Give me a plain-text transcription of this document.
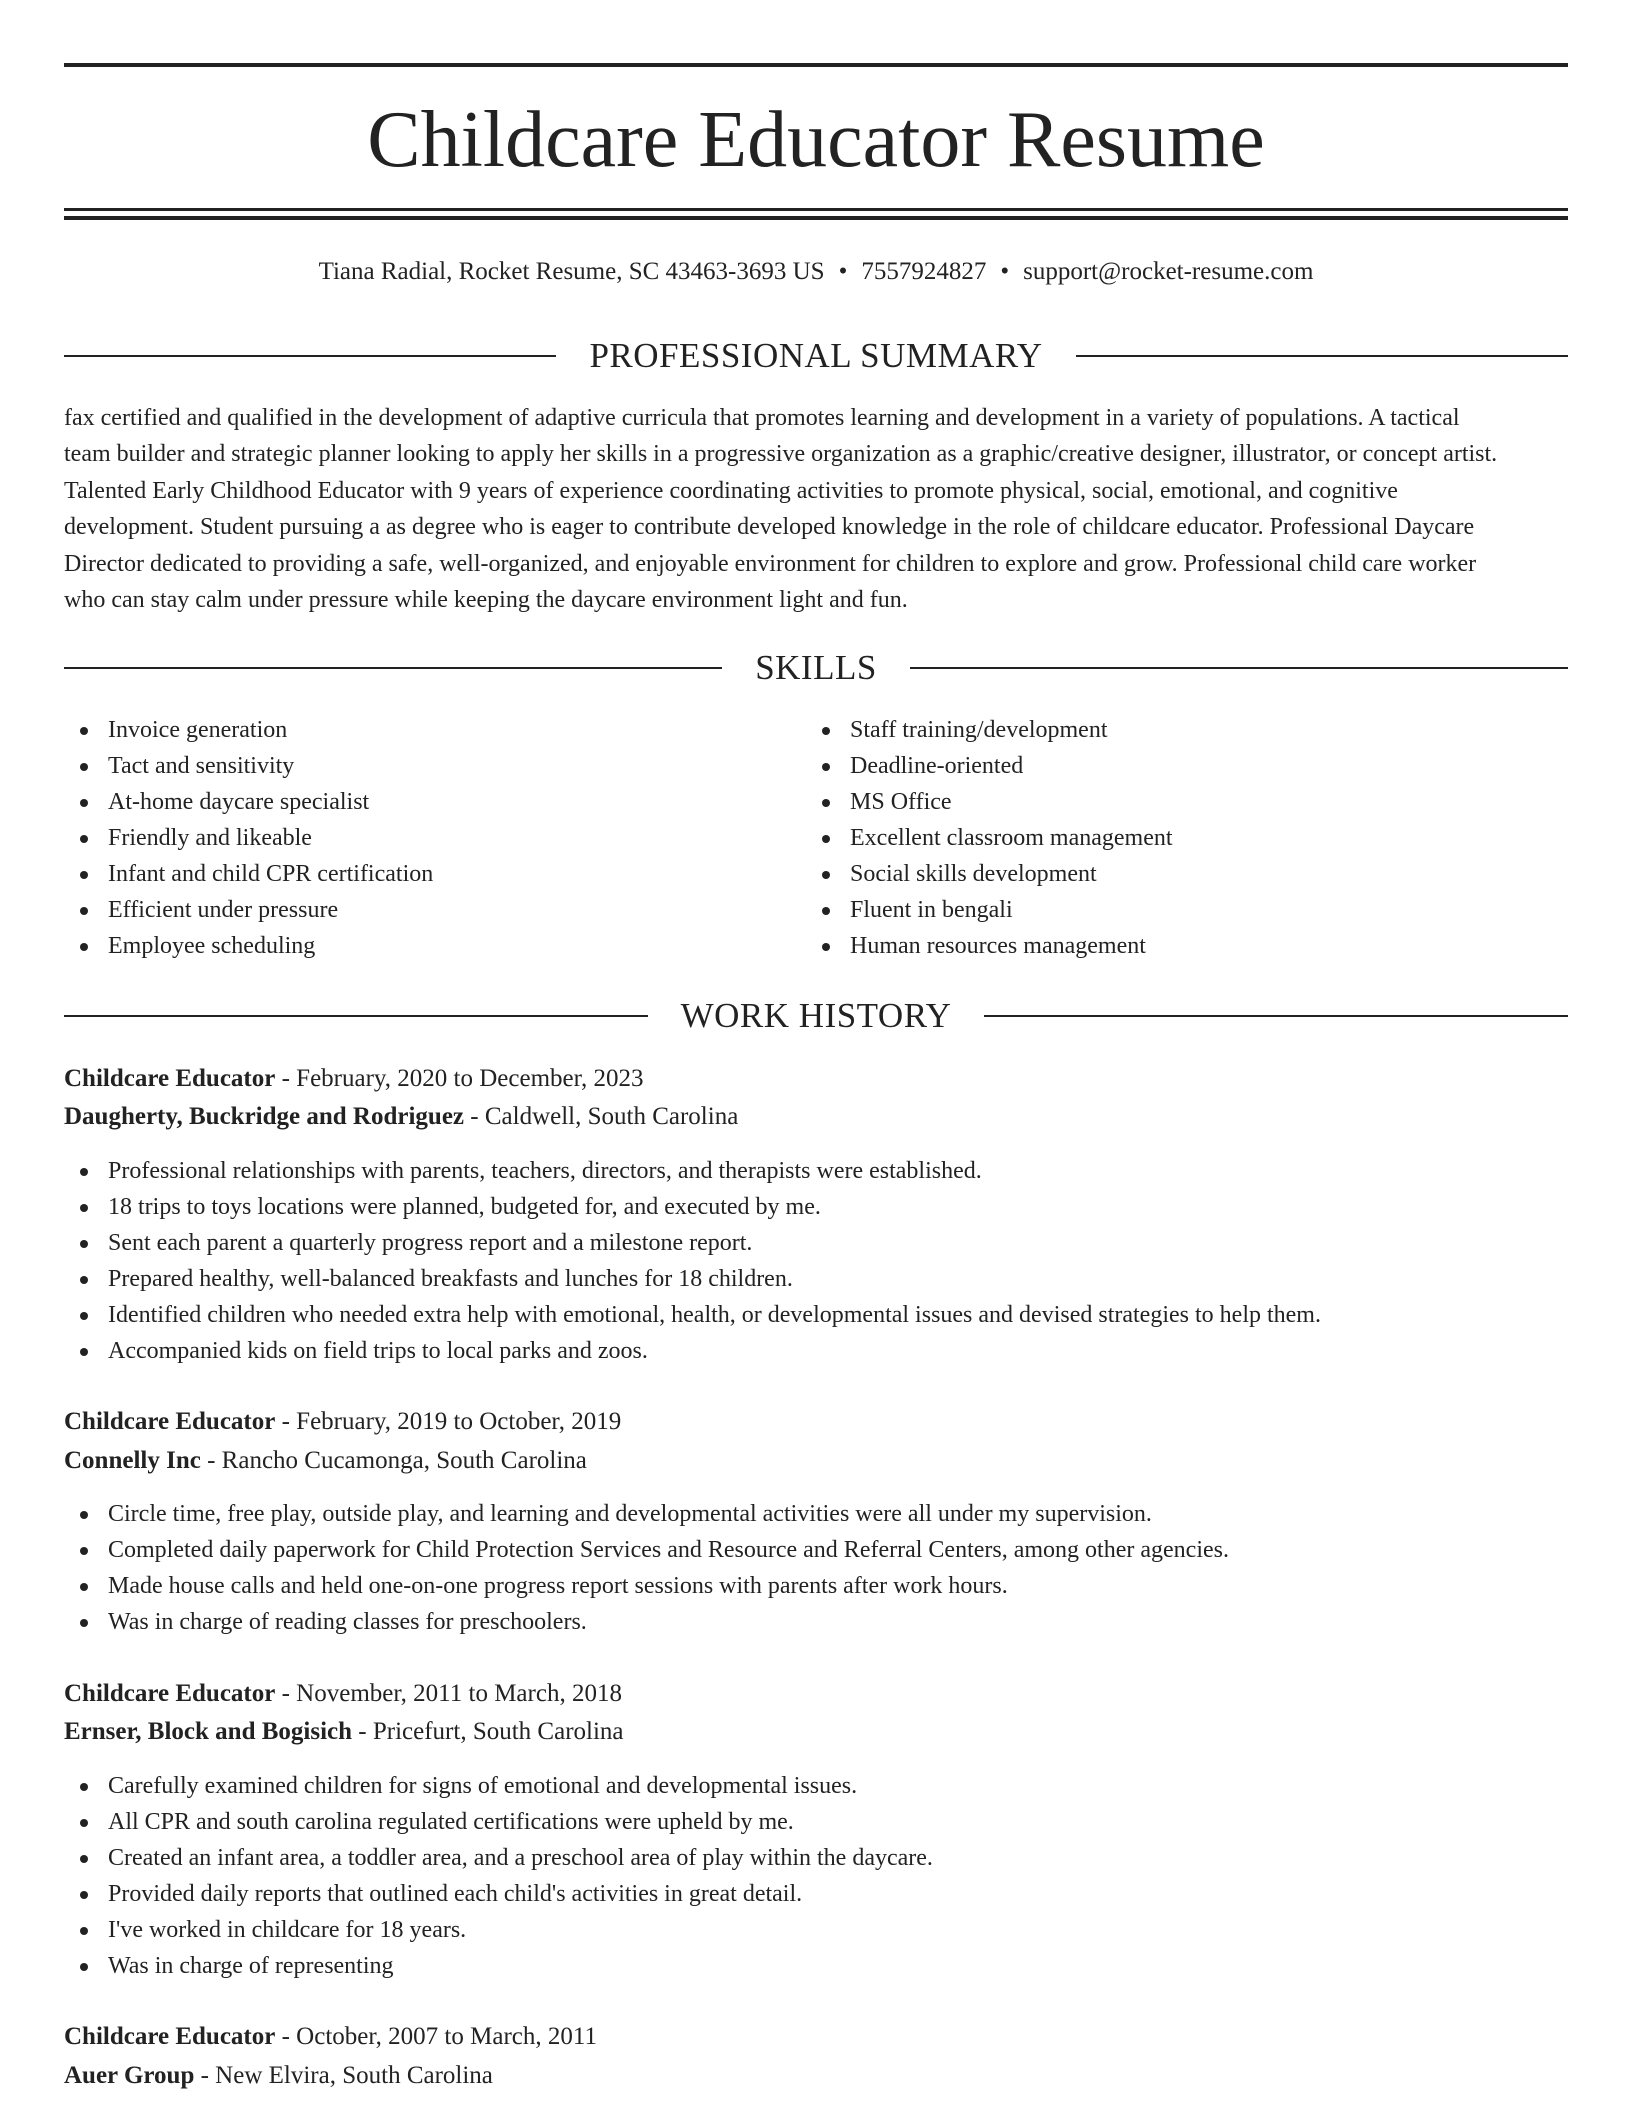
Childcare Educator Resume
Tiana Radial, Rocket Resume, SC 43463-3693 US • 7557924827 • support@rocket-resume.com
PROFESSIONAL SUMMARY
fax certified and qualified in the development of adaptive curricula that promotes learning and development in a variety of populations. A tactical
team builder and strategic planner looking to apply her skills in a progressive organization as a graphic/creative designer, illustrator, or concept artist.
Talented Early Childhood Educator with 9 years of experience coordinating activities to promote physical, social, emotional, and cognitive
development. Student pursuing a as degree who is eager to contribute developed knowledge in the role of childcare educator. Professional Daycare
Director dedicated to providing a safe, well-organized, and enjoyable environment for children to explore and grow. Professional child care worker
who can stay calm under pressure while keeping the daycare environment light and fun.
SKILLS
Invoice generation
Tact and sensitivity
At-home daycare specialist
Friendly and likeable
Infant and child CPR certification
Efficient under pressure
Employee scheduling
Staff training/development
Deadline-oriented
MS Office
Excellent classroom management
Social skills development
Fluent in bengali
Human resources management
WORK HISTORY
Childcare Educator - February, 2020 to December, 2023
Daugherty, Buckridge and Rodriguez - Caldwell, South Carolina
Professional relationships with parents, teachers, directors, and therapists were established.
18 trips to toys locations were planned, budgeted for, and executed by me.
Sent each parent a quarterly progress report and a milestone report.
Prepared healthy, well-balanced breakfasts and lunches for 18 children.
Identified children who needed extra help with emotional, health, or developmental issues and devised strategies to help them.
Accompanied kids on field trips to local parks and zoos.
Childcare Educator - February, 2019 to October, 2019
Connelly Inc - Rancho Cucamonga, South Carolina
Circle time, free play, outside play, and learning and developmental activities were all under my supervision.
Completed daily paperwork for Child Protection Services and Resource and Referral Centers, among other agencies.
Made house calls and held one-on-one progress report sessions with parents after work hours.
Was in charge of reading classes for preschoolers.
Childcare Educator - November, 2011 to March, 2018
Ernser, Block and Bogisich - Pricefurt, South Carolina
Carefully examined children for signs of emotional and developmental issues.
All CPR and south carolina regulated certifications were upheld by me.
Created an infant area, a toddler area, and a preschool area of play within the daycare.
Provided daily reports that outlined each child's activities in great detail.
I've worked in childcare for 18 years.
Was in charge of representing
Childcare Educator - October, 2007 to March, 2011
Auer Group - New Elvira, South Carolina
